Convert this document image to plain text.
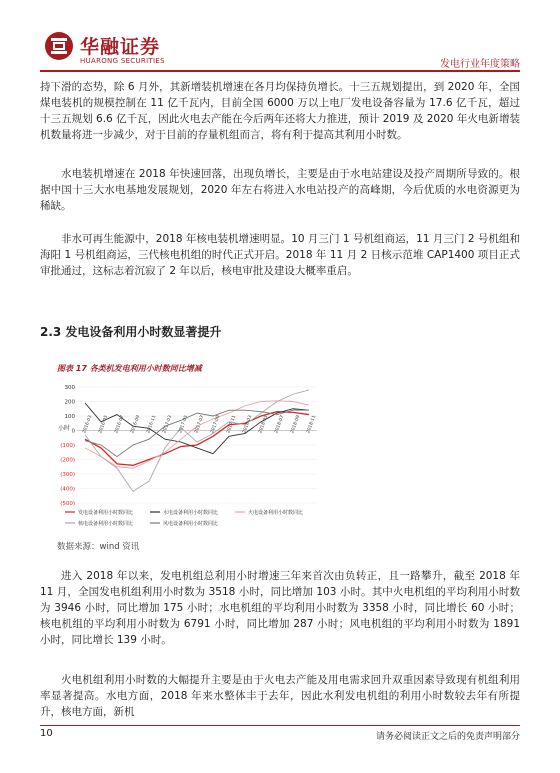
华融证券
HUARONG SECURITIES	发电行业年度策略

持下滑的态势，除 6 月外，其新增装机增速在各月均保持负增长。十三五规划提出，到 2020 年，全国煤电装机的规模控制在 11 亿千瓦内，目前全国 6000 万以上电厂发电设备容量为 17.6 亿千瓦，超过十三五规划 6.6 亿千瓦，因此火电去产能在今后两年还将大力推进，预计 2019 及 2020 年火电新增装机数量将进一步减少，对于目前的存量机组而言，将有利于提高其利用小时数。

水电装机增速在 2018 年快速回落，出现负增长，主要是由于水电站建设及投产周期所导致的。根据中国十三大水电基地发展规划，2020 年左右将进入水电站投产的高峰期，今后优质的水电资源更为稀缺。

非水可再生能源中，2018 年核电装机增速明显。10 月三门 1 号机组商运，11 月三门 2 号机组和海阳 1 号机组商运，三代核电机组的时代正式开启。2018 年 11 月 2 日核示范堆 CAP1400 项目正式审批通过，这标志着沉寂了 2 年以后，核电审批及建设大概率重启。

2.3 发电设备利用小时数显著提升
图表 17 各类机发电利用小时数同比增减
300
200
100
0
(100)
(200)
(300)
(400)
(500)
小时	2016-03 2016-05 2016-07 2016-09 2016-11 2017-03 2017-05 2017-07 2017-09 2017-11 2018-03 2018-05 2018-07 2018-09 2018-11
发电设备利用小时数同比	水电设备利用小时数同比	火电设备利用小时数同比
核电设备利用小时数同比	风电设备利用小时数同比
数据来源：wind 资讯

进入 2018 年以来，发电机组总利用小时增速三年来首次由负转正，且一路攀升，截至 2018 年 11 月，全国发电机组利用小时数为 3518 小时，同比增加 103 小时。其中火电机组的平均利用小时数为 3946 小时，同比增加 175 小时；水电机组的平均利用小时数为 3358 小时，同比增长 60 小时；核电机组的平均利用小时数为 6791 小时，同比增加 287 小时；风电机组的平均利用小时数为 1891 小时，同比增长 139 小时。

火电机组利用小时数的大幅提升主要是由于火电去产能及用电需求回升双重因素导致现有机组利用率显著提高。水电方面，2018 年来水整体丰于去年，因此水利发电机组的利用小时数较去年有所提升，核电方面，新机

10	请务必阅读正文之后的免责声明部分
